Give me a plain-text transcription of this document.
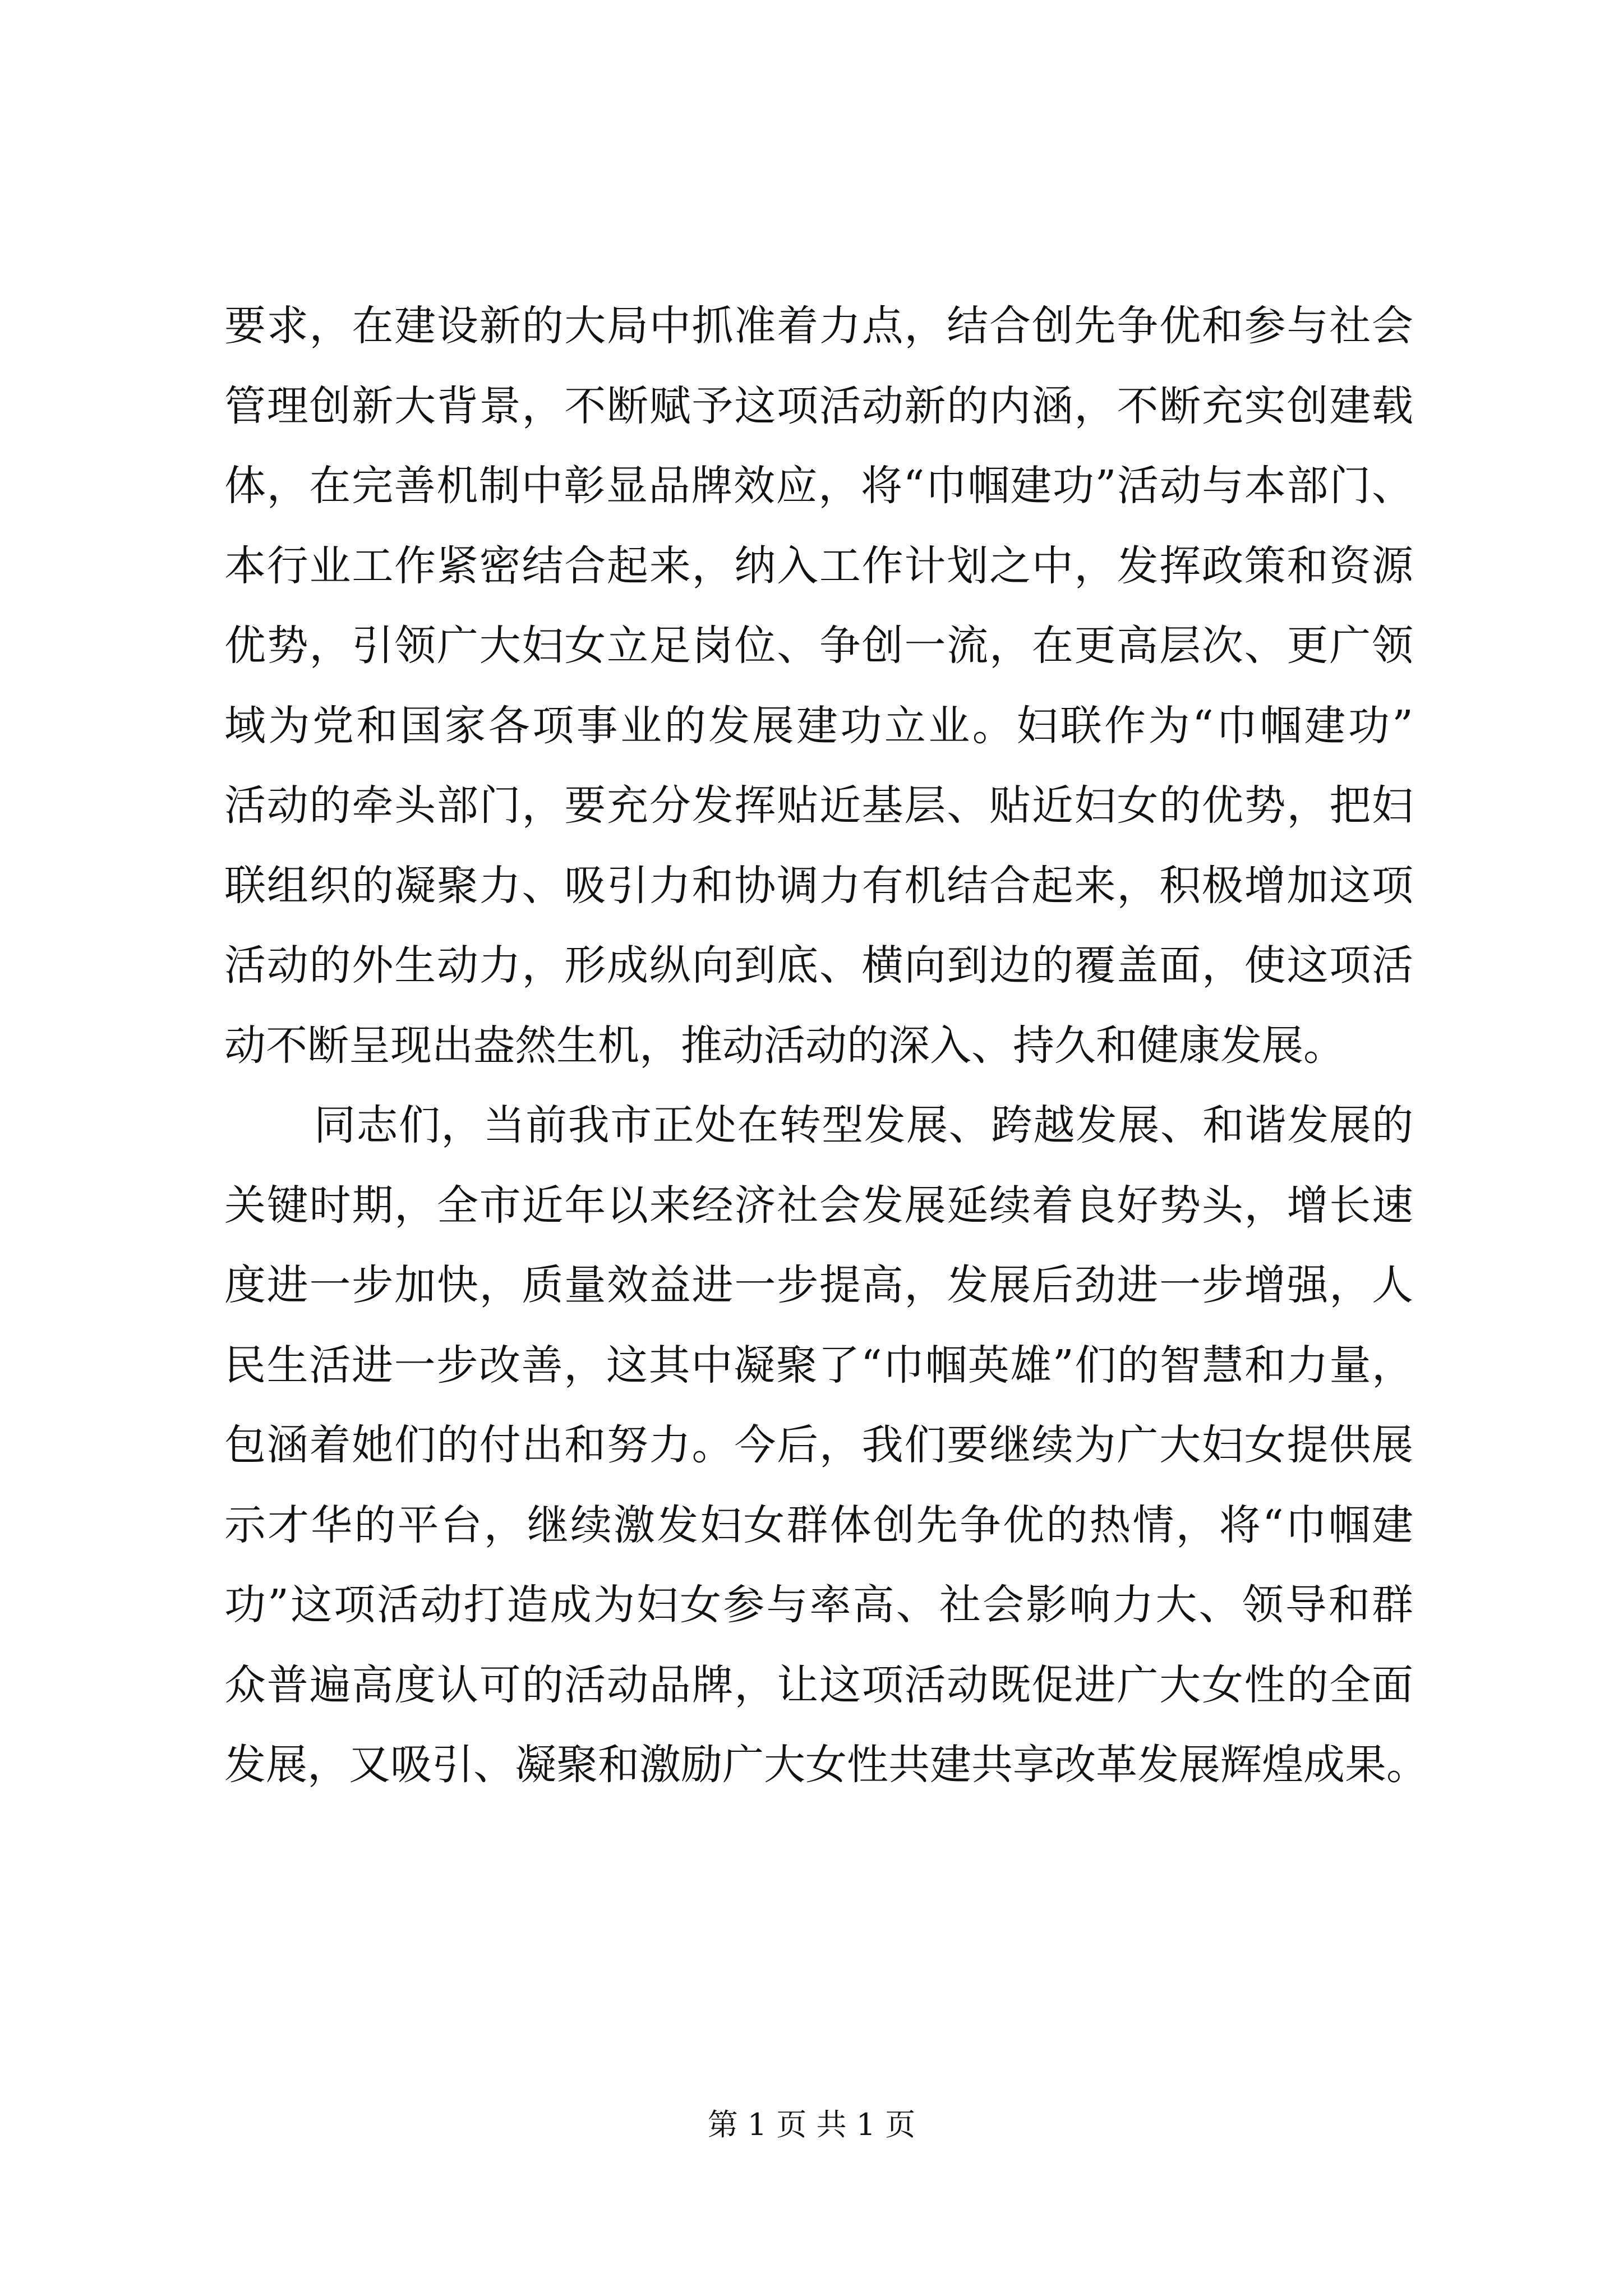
要求，在建设新的大局中抓准着力点，结合创先争优和参与社会
管理创新大背景，不断赋予这项活动新的内涵，不断充实创建载
体，在完善机制中彰显品牌效应，将“巾帼建功”活动与本部门、
本行业工作紧密结合起来，纳入工作计划之中，发挥政策和资源
优势，引领广大妇女立足岗位、争创一流，在更高层次、更广领
域为党和国家各项事业的发展建功立业。妇联作为“巾帼建功”
活动的牵头部门，要充分发挥贴近基层、贴近妇女的优势，把妇
联组织的凝聚力、吸引力和协调力有机结合起来，积极增加这项
活动的外生动力，形成纵向到底、横向到边的覆盖面，使这项活
动不断呈现出盎然生机，推动活动的深入、持久和健康发展。
同志们，当前我市正处在转型发展、跨越发展、和谐发展的
关键时期，全市近年以来经济社会发展延续着良好势头，增长速
度进一步加快，质量效益进一步提高，发展后劲进一步增强，人
民生活进一步改善，这其中凝聚了“巾帼英雄”们的智慧和力量，
包涵着她们的付出和努力。今后，我们要继续为广大妇女提供展
示才华的平台，继续激发妇女群体创先争优的热情，将“巾帼建
功”这项活动打造成为妇女参与率高、社会影响力大、领导和群
众普遍高度认可的活动品牌，让这项活动既促进广大女性的全面
发展，又吸引、凝聚和激励广大女性共建共享改革发展辉煌成果。
第 1 页 共 1 页
